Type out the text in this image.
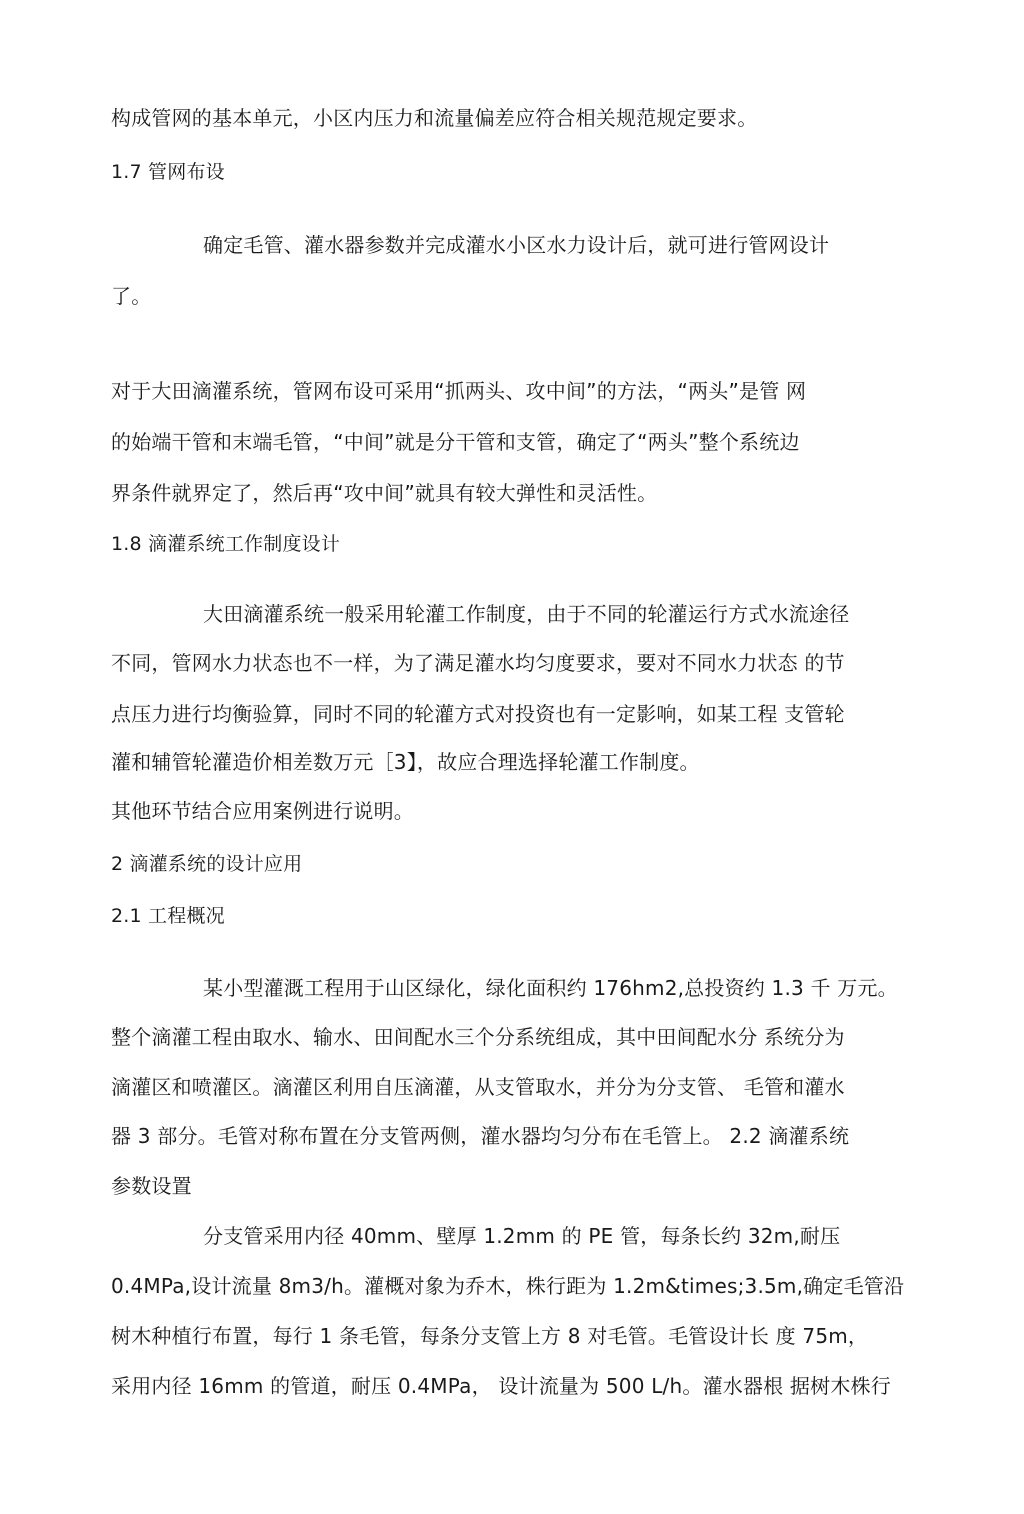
构成管网的基本单元，小区内压力和流量偏差应符合相关规范规定要求。

1.7 管网布设

确定毛管、灌水器参数并完成灌水小区水力设计后，就可进行管网设计

了。

对于大田滴灌系统，管网布设可采用“抓两头、攻中间”的方法，“两头”是管 网

的始端干管和末端毛管，“中间”就是分干管和支管，确定了“两头”整个系统边

界条件就界定了，然后再“攻中间”就具有较大弹性和灵活性。

1.8 滴灌系统工作制度设计

大田滴灌系统一般采用轮灌工作制度，由于不同的轮灌运行方式水流途径

不同，管网水力状态也不一样，为了满足灌水均匀度要求，要对不同水力状态 的节

点压力进行均衡验算，同时不同的轮灌方式对投资也有一定影响，如某工程 支管轮

灌和辅管轮灌造价相差数万元［3】，故应合理选择轮灌工作制度。

其他环节结合应用案例进行说明。

2 滴灌系统的设计应用

2.1 工程概况

某小型灌溉工程用于山区绿化，绿化面积约 176hm2,总投资约 1.3 千 万元。

整个滴灌工程由取水、输水、田间配水三个分系统组成，其中田间配水分 系统分为

滴灌区和喷灌区。滴灌区利用自压滴灌，从支管取水，并分为分支管、 毛管和灌水

器 3 部分。毛管对称布置在分支管两侧，灌水器均匀分布在毛管上。 2.2 滴灌系统

参数设置

分支管采用内径 40mm、壁厚 1.2mm 的 PE 管，每条长约 32m,耐压

0.4MPa,设计流量 8m3/h。灌概对象为乔木，株行距为 1.2m&times;3.5m,确定毛管沿

树木种植行布置，每行 1 条毛管，每条分支管上方 8 对毛管。毛管设计长 度 75m，

采用内径 16mm 的管道，耐压 0.4MPa， 设计流量为 500 L/h。灌水器根 据树木株行
